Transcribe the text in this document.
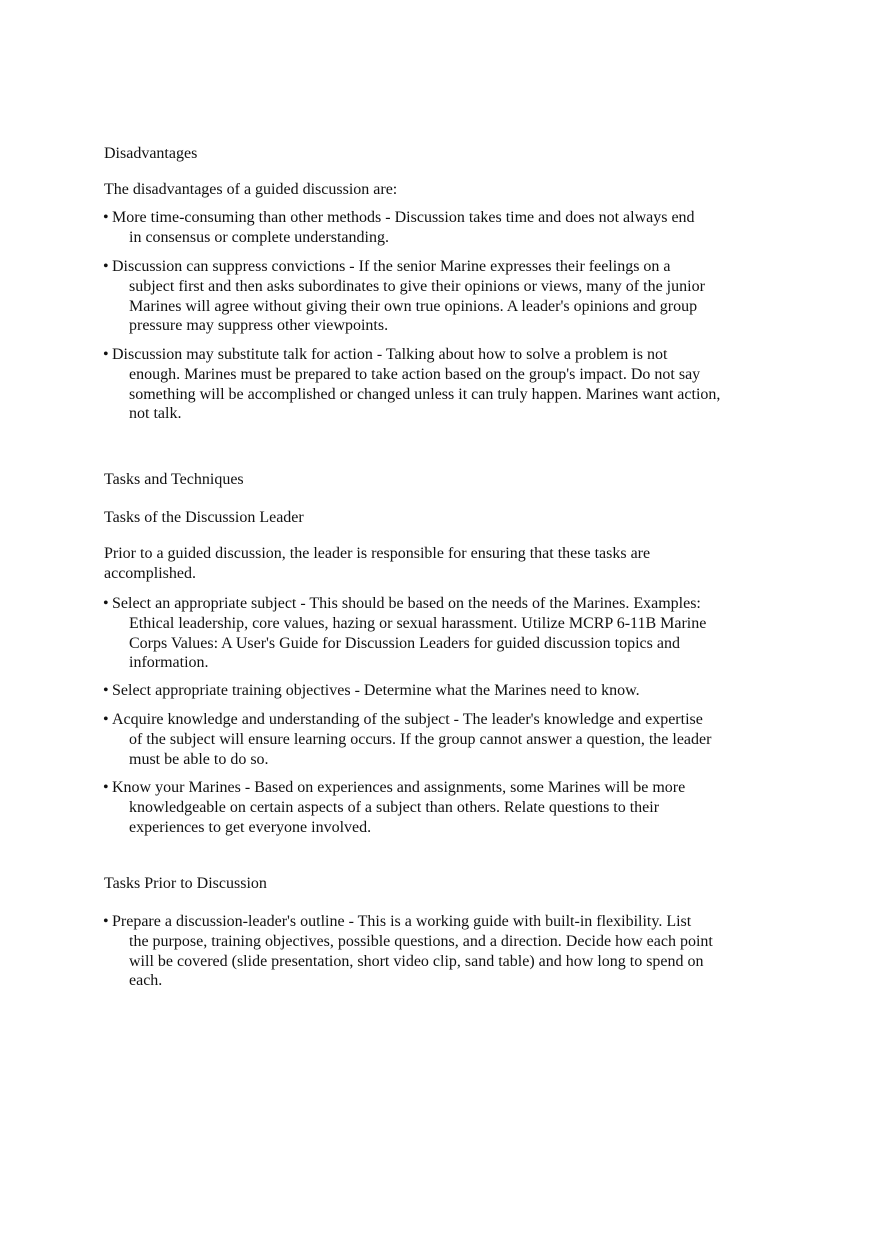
Disadvantages
The disadvantages of a guided discussion are:
• More time-consuming than other methods - Discussion takes time and does not always end
in consensus or complete understanding.
• Discussion can suppress convictions - If the senior Marine expresses their feelings on a
subject first and then asks subordinates to give their opinions or views, many of the junior
Marines will agree without giving their own true opinions. A leader's opinions and group
pressure may suppress other viewpoints.
• Discussion may substitute talk for action - Talking about how to solve a problem is not
enough. Marines must be prepared to take action based on the group's impact. Do not say
something will be accomplished or changed unless it can truly happen. Marines want action,
not talk.
Tasks and Techniques
Tasks of the Discussion Leader
Prior to a guided discussion, the leader is responsible for ensuring that these tasks are
accomplished.
• Select an appropriate subject - This should be based on the needs of the Marines. Examples:
Ethical leadership, core values, hazing or sexual harassment. Utilize MCRP 6-11B Marine
Corps Values: A User's Guide for Discussion Leaders for guided discussion topics and
information.
• Select appropriate training objectives - Determine what the Marines need to know.
• Acquire knowledge and understanding of the subject - The leader's knowledge and expertise
of the subject will ensure learning occurs. If the group cannot answer a question, the leader
must be able to do so.
• Know your Marines - Based on experiences and assignments, some Marines will be more
knowledgeable on certain aspects of a subject than others. Relate questions to their
experiences to get everyone involved.
Tasks Prior to Discussion
• Prepare a discussion-leader's outline - This is a working guide with built-in flexibility. List
the purpose, training objectives, possible questions, and a direction. Decide how each point
will be covered (slide presentation, short video clip, sand table) and how long to spend on
each.
